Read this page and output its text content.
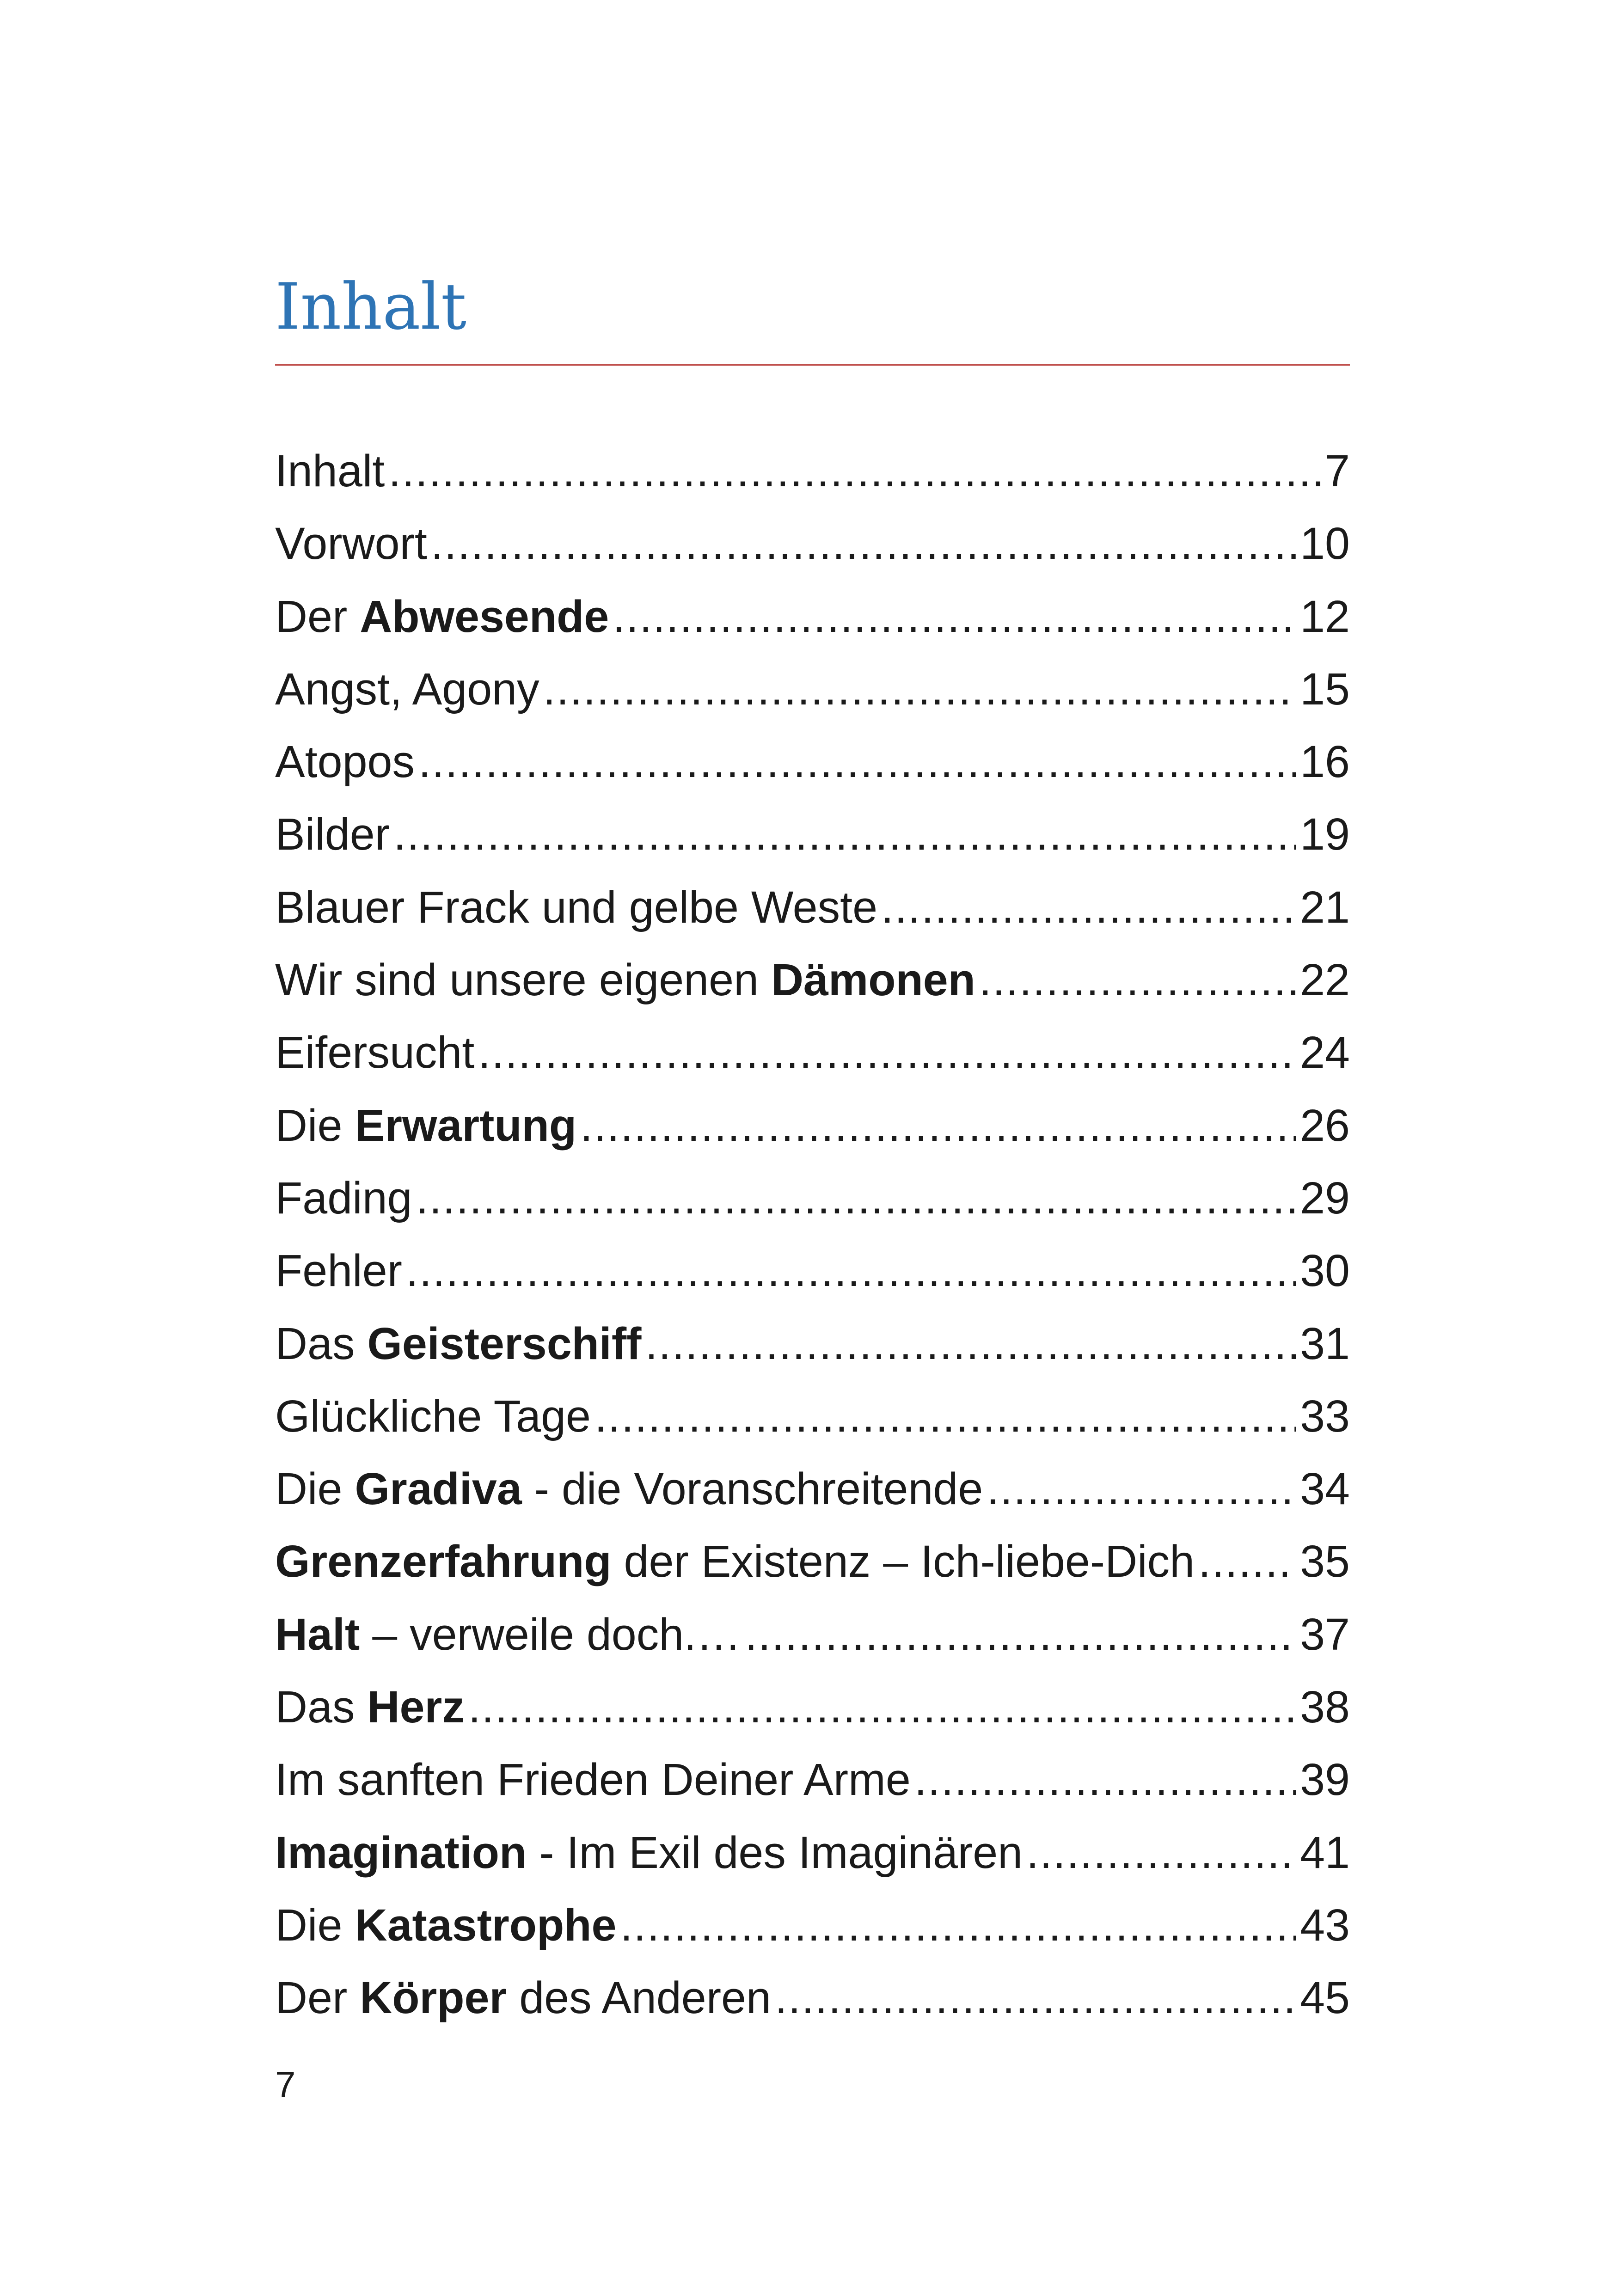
Inhalt
Inhalt .....	7
Vorwort .....	10
Der Abwesende .....	12
Angst, Agony .....	15
Atopos .....	16
Bilder .....	19
Blauer Frack und gelbe Weste .....	21
Wir sind unsere eigenen Dämonen .....	22
Eifersucht .....	24
Die Erwartung .....	26
Fading .....	29
Fehler .....	30
Das Geisterschiff .....	31
Glückliche Tage .....	33
Die Gradiva - die Voranschreitende .....	34
Grenzerfahrung der Existenz – Ich-liebe-Dich ..... 35
Halt – verweile doch.… .....	37
Das Herz .....	38
Im sanften Frieden Deiner Arme .....	39
Imagination - Im Exil des Imaginären .....	41
Die Katastrophe .....	43
Der Körper des Anderen .....	45

7
